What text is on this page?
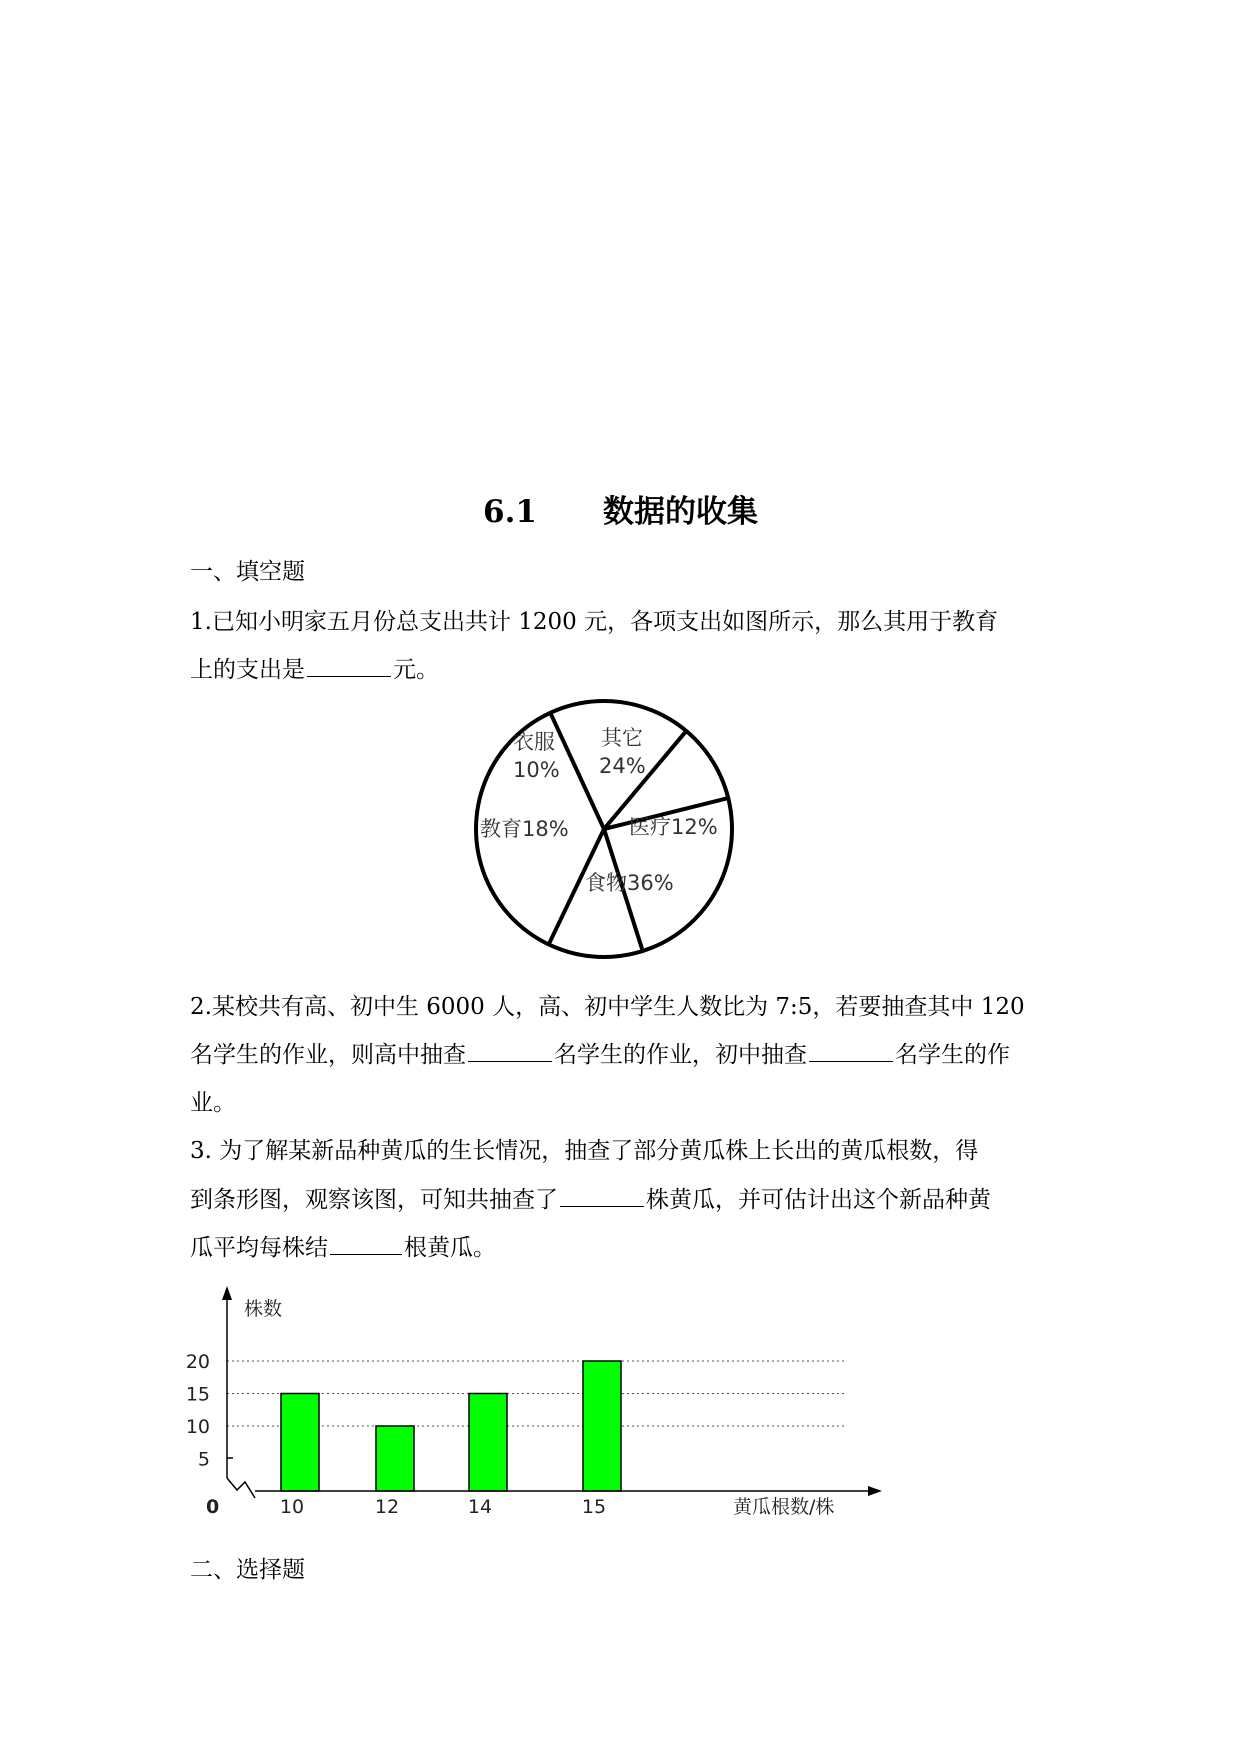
6.1 数据的收集
一、填空题
1.已知小明家五月份总支出共计 1200 元，各项支出如图所示，那么其用于教育
上的支出是	元。
衣服
10%
其它
24%
医疗12%
教育18%
食物36%
2.某校共有高、初中生 6000 人，高、初中学生人数比为 7:5，若要抽查其中 120
名学生的作业，则高中抽查	名学生的作业，初中抽查	名学生的作
业。
3. 为了解某新品种黄瓜的生长情况，抽查了部分黄瓜株上长出的黄瓜根数，得
到条形图，观察该图，可知共抽查了	株黄瓜，并可估计出这个新品种黄
瓜平均每株结	根黄瓜。
株数
黄瓜根数/株
0
20
15
10
5
10	12	14	15
二、选择题
